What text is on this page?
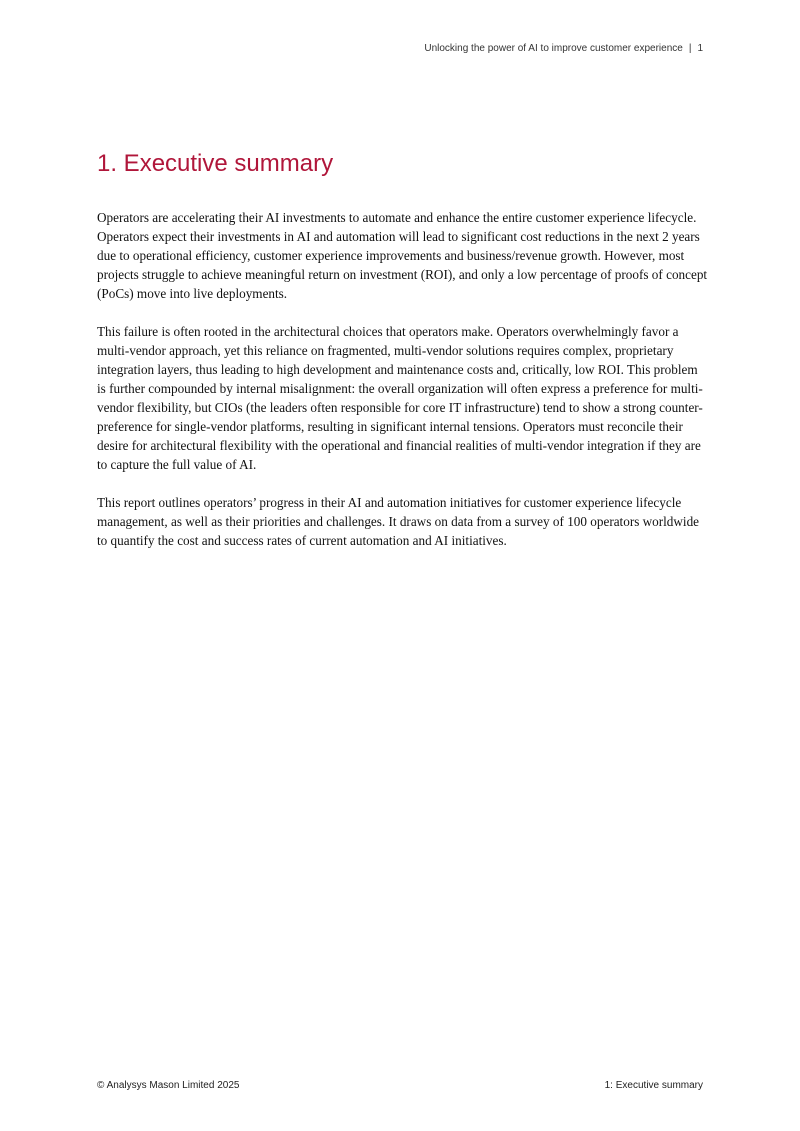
Unlocking the power of AI to improve customer experience | 1
1. Executive summary

Operators are accelerating their AI investments to automate and enhance the entire customer experience lifecycle. Operators expect their investments in AI and automation will lead to significant cost reductions in the next 2 years due to operational efficiency, customer experience improvements and business/revenue growth. However, most projects struggle to achieve meaningful return on investment (ROI), and only a low percentage of proofs of concept (PoCs) move into live deployments.

This failure is often rooted in the architectural choices that operators make. Operators overwhelmingly favor a multi-vendor approach, yet this reliance on fragmented, multi-vendor solutions requires complex, proprietary integration layers, thus leading to high development and maintenance costs and, critically, low ROI. This problem is further compounded by internal misalignment: the overall organization will often express a preference for multi-vendor flexibility, but CIOs (the leaders often responsible for core IT infrastructure) tend to show a strong counter-preference for single-vendor platforms, resulting in significant internal tensions. Operators must reconcile their desire for architectural flexibility with the operational and financial realities of multi-vendor integration if they are to capture the full value of AI.

This report outlines operators’ progress in their AI and automation initiatives for customer experience lifecycle management, as well as their priorities and challenges. It draws on data from a survey of 100 operators worldwide to quantify the cost and success rates of current automation and AI initiatives.

© Analysys Mason Limited 2025	1: Executive summary
